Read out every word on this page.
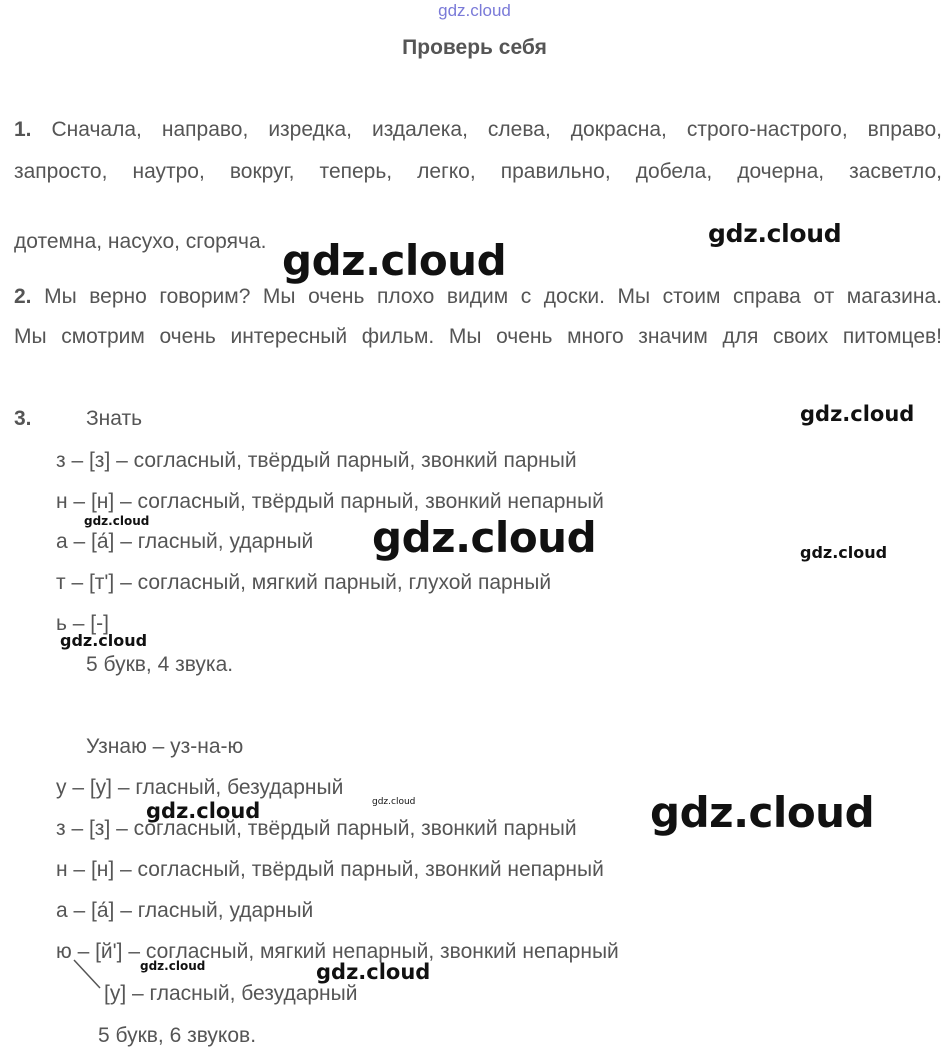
gdz.cloud
Проверь себя
1. Сначала, направо, изредка, издалека, слева, докрасна, строго-настрого, вправо,
запросто, наутро, вокруг, теперь, легко, правильно, добела, дочерна, засветло,
дотемна, насухо, сгоряча.
2. Мы верно говорим? Мы очень плохо видим с доски. Мы стоим справа от магазина.
Мы смотрим очень интересный фильм. Мы очень много значим для своих питомцев!
3.	Знать
з – [з] – согласный, твёрдый парный, звонкий парный
н – [н] – согласный, твёрдый парный, звонкий непарный
а – [а́] – гласный, ударный
т – [т'] – согласный, мягкий парный, глухой парный
ь – [-]
5 букв, 4 звука.
Узнаю – уз-на-ю
у – [у] – гласный, безударный
з – [з] – согласный, твёрдый парный, звонкий парный
н – [н] – согласный, твёрдый парный, звонкий непарный
а – [а́] – гласный, ударный
ю – [й'] – согласный, мягкий непарный, звонкий непарный
[у] – гласный, безударный
5 букв, 6 звуков.
gdz.cloud
gdz.cloud
gdz.cloud
gdz.cloud	gdz.cloud	gdz.cloud
gdz.cloud
gdz.cloud
gdz.cloud	gdz.cloud
gdz.cloud	gdz.cloud
